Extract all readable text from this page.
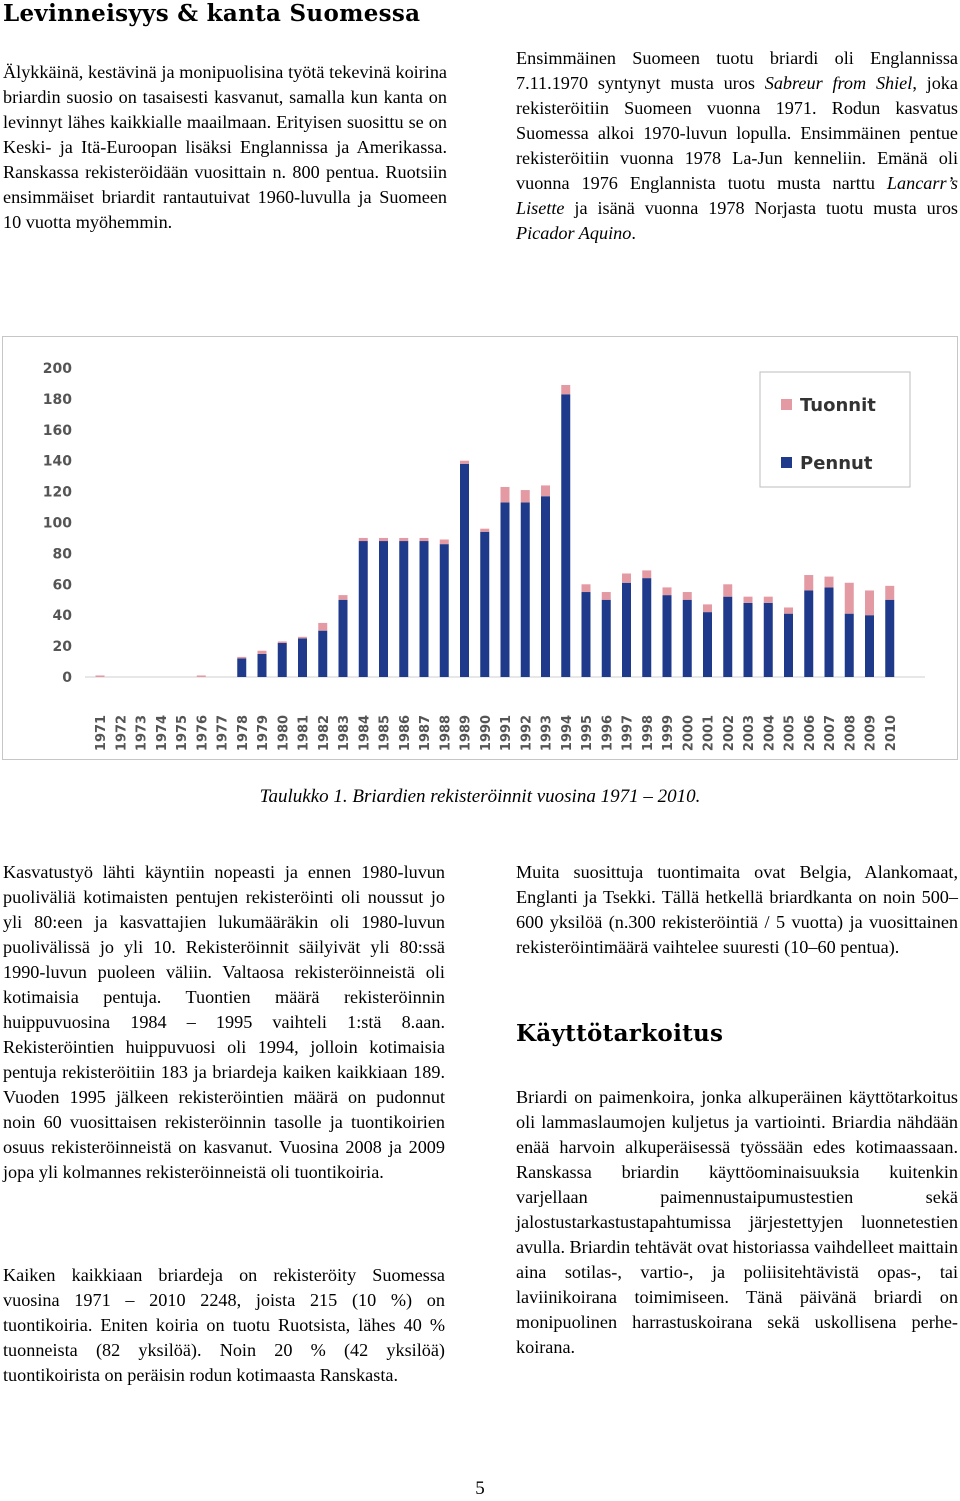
Levinneisyys & kanta Suomessa

Älykkäinä, kestävinä ja monipuolisina työtä tekevinä koirina briardin suosio on tasaisesti kasvanut, samalla kun kanta on levinnyt lähes kaikkialle maailmaan. Erityisen suosittu se on Keski- ja Itä-Euroopan lisäksi Englannissa ja Amerikassa. Ranskassa rekisteröidään vuosittain n. 800 pentua. Ruotsiin ensimmäiset briardit rantautuivat 1960-luvulla ja Suomeen 10 vuotta myöhemmin.

Ensimmäinen Suomeen tuotu briardi oli Englannissa 7.11.1970 syntynyt musta uros Sabreur from Shiel, joka rekisteröitiin Suomeen vuonna 1971. Rodun kasvatus Suomessa alkoi 1970-luvun lopulla. Ensimmäinen pentue rekisteröitiin vuonna 1978 La-Jun kenneliin. Emänä oli vuonna 1976 Englannista tuotu musta narttu Lancarr’s Lisette ja isänä vuonna 1978 Norjasta tuotu musta uros Picador Aquino.

0
20
40
60
80
100
120
140
160
180
200
1971 1972 1973 1974 1975 1976 1977 1978 1979 1980 1981 1982 1983 1984 1985 1986 1987 1988 1989 1990 1991 1992 1993 1994 1995 1996 1997 1998 1999 2000 2001 2002 2003 2004 2005 2006 2007 2008 2009 2010
Tuonnit
Pennut

Taulukko 1. Briardien rekisteröinnit vuosina 1971 – 2010.

Kasvatustyö lähti käyntiin nopeasti ja ennen 1980-luvun puoliväliä kotimaisten pentujen rekisteröinti oli noussut jo yli 80:een ja kasvattajien lukumääräkin oli 1980-luvun puolivälissä jo yli 10. Rekisteröinnit säilyivät yli 80:ssä 1990-luvun puoleen väliin. Valtaosa rekisteröinneistä oli kotimaisia pentuja. Tuontien määrä rekisteröinnin huippuvuosina 1984 – 1995 vaihteli 1:stä 8.aan. Rekisteröintien huippuvuosi oli 1994, jolloin kotimaisia pentuja rekisteröitiin 183 ja briardeja kaiken kaikkiaan 189. Vuoden 1995 jälkeen rekisteröintien määrä on pudonnut noin 60 vuosittaisen rekisteröinnin tasolle ja tuontikoirien osuus rekisteröinneistä on kasvanut. Vuosina 2008 ja 2009 jopa yli kolmannes rekisteröinneistä oli tuontikoiria.

Kaiken kaikkiaan briardeja on rekisteröity Suomessa vuosina 1971 – 2010 2248, joista 215 (10 %) on tuontikoiria. Eniten koiria on tuotu Ruotsista, lähes 40 % tuonneista (82 yksilöä). Noin 20 % (42 yksilöä) tuontikoirista on peräisin rodun kotimaasta Ranskasta.

Muita suosittuja tuontimaita ovat Belgia, Alankomaat, Englanti ja Tsekki. Tällä hetkellä briardkanta on noin 500–600 yksilöä (n.300 rekisteröintiä / 5 vuotta) ja vuosittainen rekisteröintimäärä vaihtelee suuresti (10–60 pentua).

Käyttötarkoitus

Briardi on paimenkoira, jonka alkuperäinen käyttötarkoitus oli lammaslaumojen kuljetus ja vartiointi. Briardia nähdään enää harvoin alkuperäisessä työssään edes kotimaassaan. Ranskassa briardin käyttöominaisuuksia kuitenkin varjellaan paimennustaipumustestien sekä jalostustarkastustapahtumissa järjestettyjen luonnetestien avulla. Briardin tehtävät ovat historiassa vaihdelleet maittain aina sotilas-, vartio-, ja poliisitehtävistä opas-, tai laviinikoirana toimimiseen. Tänä päivänä briardi on monipuolinen harrastuskoirana sekä uskollisena perhe-koirana.

5
